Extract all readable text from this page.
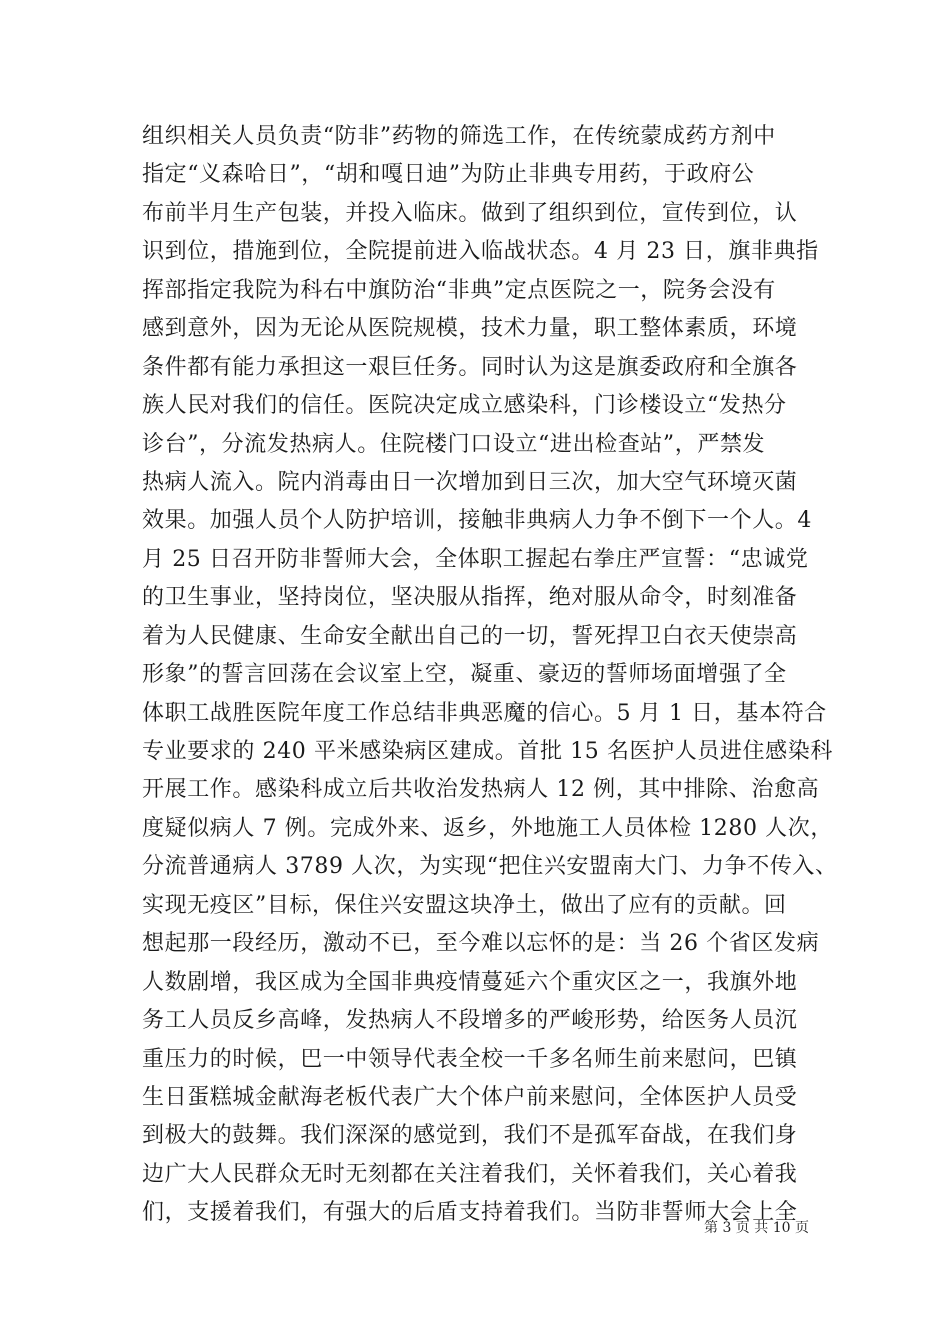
组织相关人员负责“防非”药物的筛选工作，在传统蒙成药方剂中
指定“义森哈日”，“胡和嘎日迪”为防止非典专用药，于政府公
布前半月生产包装，并投入临床。做到了组织到位，宣传到位，认
识到位，措施到位，全院提前进入临战状态。4 月 23 日，旗非典指
挥部指定我院为科右中旗防治“非典”定点医院之一，院务会没有
感到意外，因为无论从医院规模，技术力量，职工整体素质，环境
条件都有能力承担这一艰巨任务。同时认为这是旗委政府和全旗各
族人民对我们的信任。医院决定成立感染科，门诊楼设立“发热分
诊台”，分流发热病人。住院楼门口设立“进出检查站”，严禁发
热病人流入。院内消毒由日一次增加到日三次，加大空气环境灭菌
效果。加强人员个人防护培训，接触非典病人力争不倒下一个人。4
月 25 日召开防非誓师大会，全体职工握起右拳庄严宣誓：“忠诚党
的卫生事业，坚持岗位，坚决服从指挥，绝对服从命令，时刻准备
着为人民健康、生命安全献出自己的一切，誓死捍卫白衣天使崇高
形象”的誓言回荡在会议室上空，凝重、豪迈的誓师场面增强了全
体职工战胜医院年度工作总结非典恶魔的信心。5 月 1 日，基本符合
专业要求的 240 平米感染病区建成。首批 15 名医护人员进住感染科
开展工作。感染科成立后共收治发热病人 12 例，其中排除、治愈高
度疑似病人 7 例。完成外来、返乡，外地施工人员体检 1280 人次，
分流普通病人 3789 人次，为实现“把住兴安盟南大门、力争不传入、
实现无疫区”目标，保住兴安盟这块净土，做出了应有的贡献。回
想起那一段经历，激动不已，至今难以忘怀的是：当 26 个省区发病
人数剧增，我区成为全国非典疫情蔓延六个重灾区之一，我旗外地
务工人员反乡高峰，发热病人不段增多的严峻形势，给医务人员沉
重压力的时候，巴一中领导代表全校一千多名师生前来慰问，巴镇
生日蛋糕城金献海老板代表广大个体户前来慰问，全体医护人员受
到极大的鼓舞。我们深深的感觉到，我们不是孤军奋战，在我们身
边广大人民群众无时无刻都在关注着我们，关怀着我们，关心着我
们，支援着我们，有强大的后盾支持着我们。当防非誓师大会上全
第 3 页 共 10 页
